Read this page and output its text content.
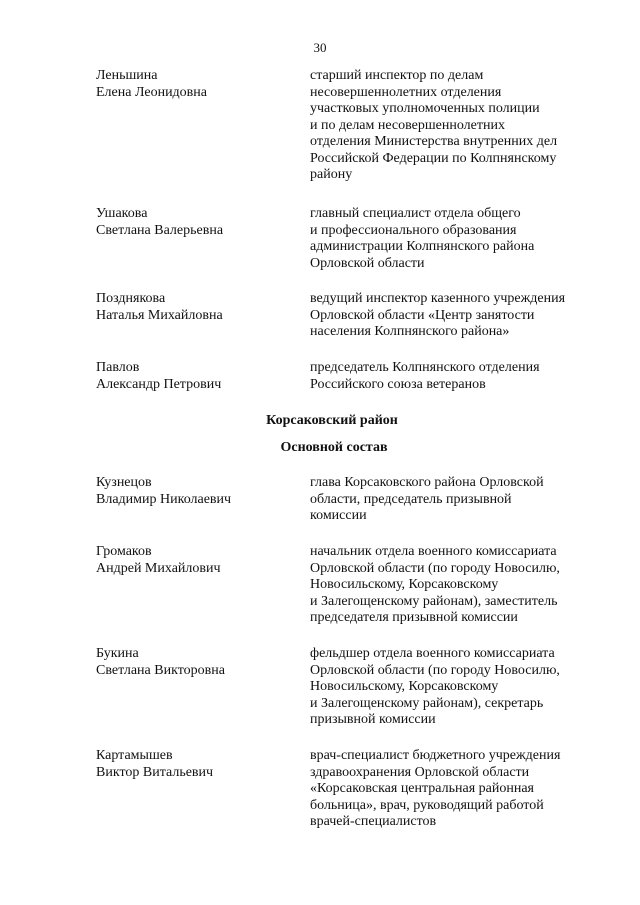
30
Леньшина
Елена Леонидовна
старший инспектор по делам
несовершеннолетних отделения
участковых уполномоченных полиции
и по делам несовершеннолетних
отделения Министерства внутренних дел
Российской Федерации по Колпнянскому
району
Ушакова
Светлана Валерьевна
главный специалист отдела общего
и профессионального образования
администрации Колпнянского района
Орловской области
Позднякова
Наталья Михайловна
ведущий инспектор казенного учреждения
Орловской области «Центр занятости
населения Колпнянского района»
Павлов
Александр Петрович
председатель Колпнянского отделения
Российского союза ветеранов
Корсаковский район
Основной состав
Кузнецов
Владимир Николаевич
глава Корсаковского района Орловской
области, председатель призывной
комиссии
Громаков
Андрей Михайлович
начальник отдела военного комиссариата
Орловской области (по городу Новосилю,
Новосильскому, Корсаковскому
и Залегощенскому районам), заместитель
председателя призывной комиссии
Букина
Светлана Викторовна
фельдшер отдела военного комиссариата
Орловской области (по городу Новосилю,
Новосильскому, Корсаковскому
и Залегощенскому районам), секретарь
призывной комиссии
Картамышев
Виктор Витальевич
врач-специалист бюджетного учреждения
здравоохранения Орловской области
«Корсаковская центральная районная
больница», врач, руководящий работой
врачей-специалистов
